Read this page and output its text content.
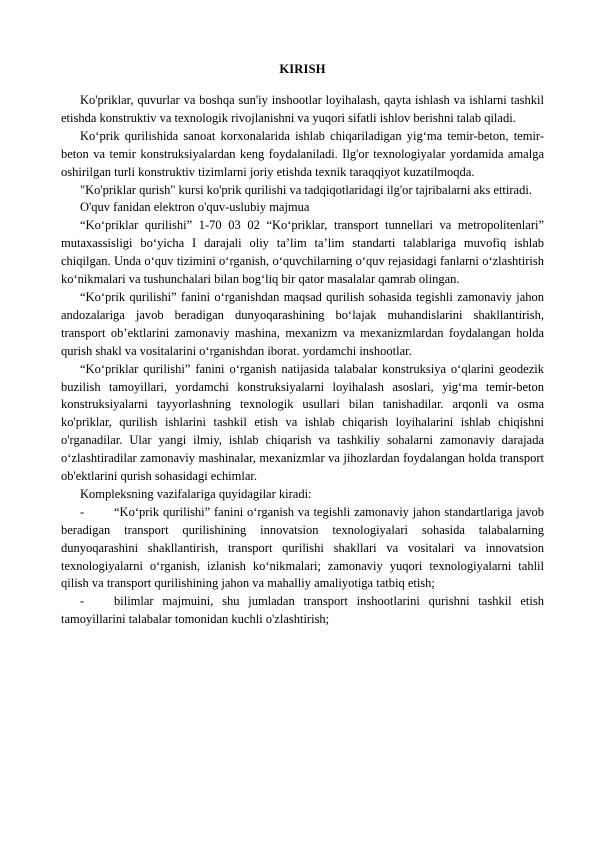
KIRISH

Ko'priklar, quvurlar va boshqa sun'iy inshootlar loyihalash, qayta ishlash va ishlarni tashkil etishda konstruktiv va texnologik rivojlanishni va yuqori sifatli ishlov berishni talab qiladi.

Ko‘prik qurilishida sanoat korxonalarida ishlab chiqariladigan yig‘ma temir-beton, temir-beton va temir konstruksiyalardan keng foydalaniladi. Ilg'or texnologiyalar yordamida amalga oshirilgan turli konstruktiv tizimlarni joriy etishda texnik taraqqiyot kuzatilmoqda.

"Ko'priklar qurish" kursi ko'prik qurilishi va tadqiqotlaridagi ilg'or tajribalarni aks ettiradi.

O'quv fanidan elektron o'quv-uslubiy majmua

“Ko‘priklar qurilishi” 1-70 03 02 “Ko‘priklar, transport tunnellari va metropolitenlari” mutaxassisligi bo‘yicha I darajali oliy ta’lim ta’lim standarti talablariga muvofiq ishlab chiqilgan. Unda o‘quv tizimini o‘rganish, o‘quvchilarning o‘quv rejasidagi fanlarni o‘zlashtirish ko‘nikmalari va tushunchalari bilan bog‘liq bir qator masalalar qamrab olingan.

“Ko‘prik qurilishi” fanini o‘rganishdan maqsad qurilish sohasida tegishli zamonaviy jahon andozalariga javob beradigan dunyoqarashining bo‘lajak muhandislarini shakllantirish, transport ob’ektlarini zamonaviy mashina, mexanizm va mexanizmlardan foydalangan holda qurish shakl va vositalarini o‘rganishdan iborat. yordamchi inshootlar.

“Ko‘priklar qurilishi” fanini o‘rganish natijasida talabalar konstruksiya o‘qlarini geodezik buzilish tamoyillari, yordamchi konstruksiyalarni loyihalash asoslari, yig‘ma temir-beton konstruksiyalarni tayyorlashning texnologik usullari bilan tanishadilar. arqonli va osma ko'priklar, qurilish ishlarini tashkil etish va ishlab chiqarish loyihalarini ishlab chiqishni o'rganadilar. Ular yangi ilmiy, ishlab chiqarish va tashkiliy sohalarni zamonaviy darajada o‘zlashtiradilar zamonaviy mashinalar, mexanizmlar va jihozlardan foydalangan holda transport ob'ektlarini qurish sohasidagi echimlar.

Kompleksning vazifalariga quyidagilar kiradi:

- “Ko‘prik qurilishi” fanini o‘rganish va tegishli zamonaviy jahon standartlariga javob beradigan transport qurilishining innovatsion texnologiyalari sohasida talabalarning dunyoqarashini shakllantirish, transport qurilishi shakllari va vositalari va innovatsion texnologiyalarni o‘rganish, izlanish ko‘nikmalari; zamonaviy yuqori texnologiyalarni tahlil qilish va transport qurilishining jahon va mahalliy amaliyotiga tatbiq etish;

- bilimlar majmuini, shu jumladan transport inshootlarini qurishni tashkil etish tamoyillarini talabalar tomonidan kuchli o'zlashtirish;
